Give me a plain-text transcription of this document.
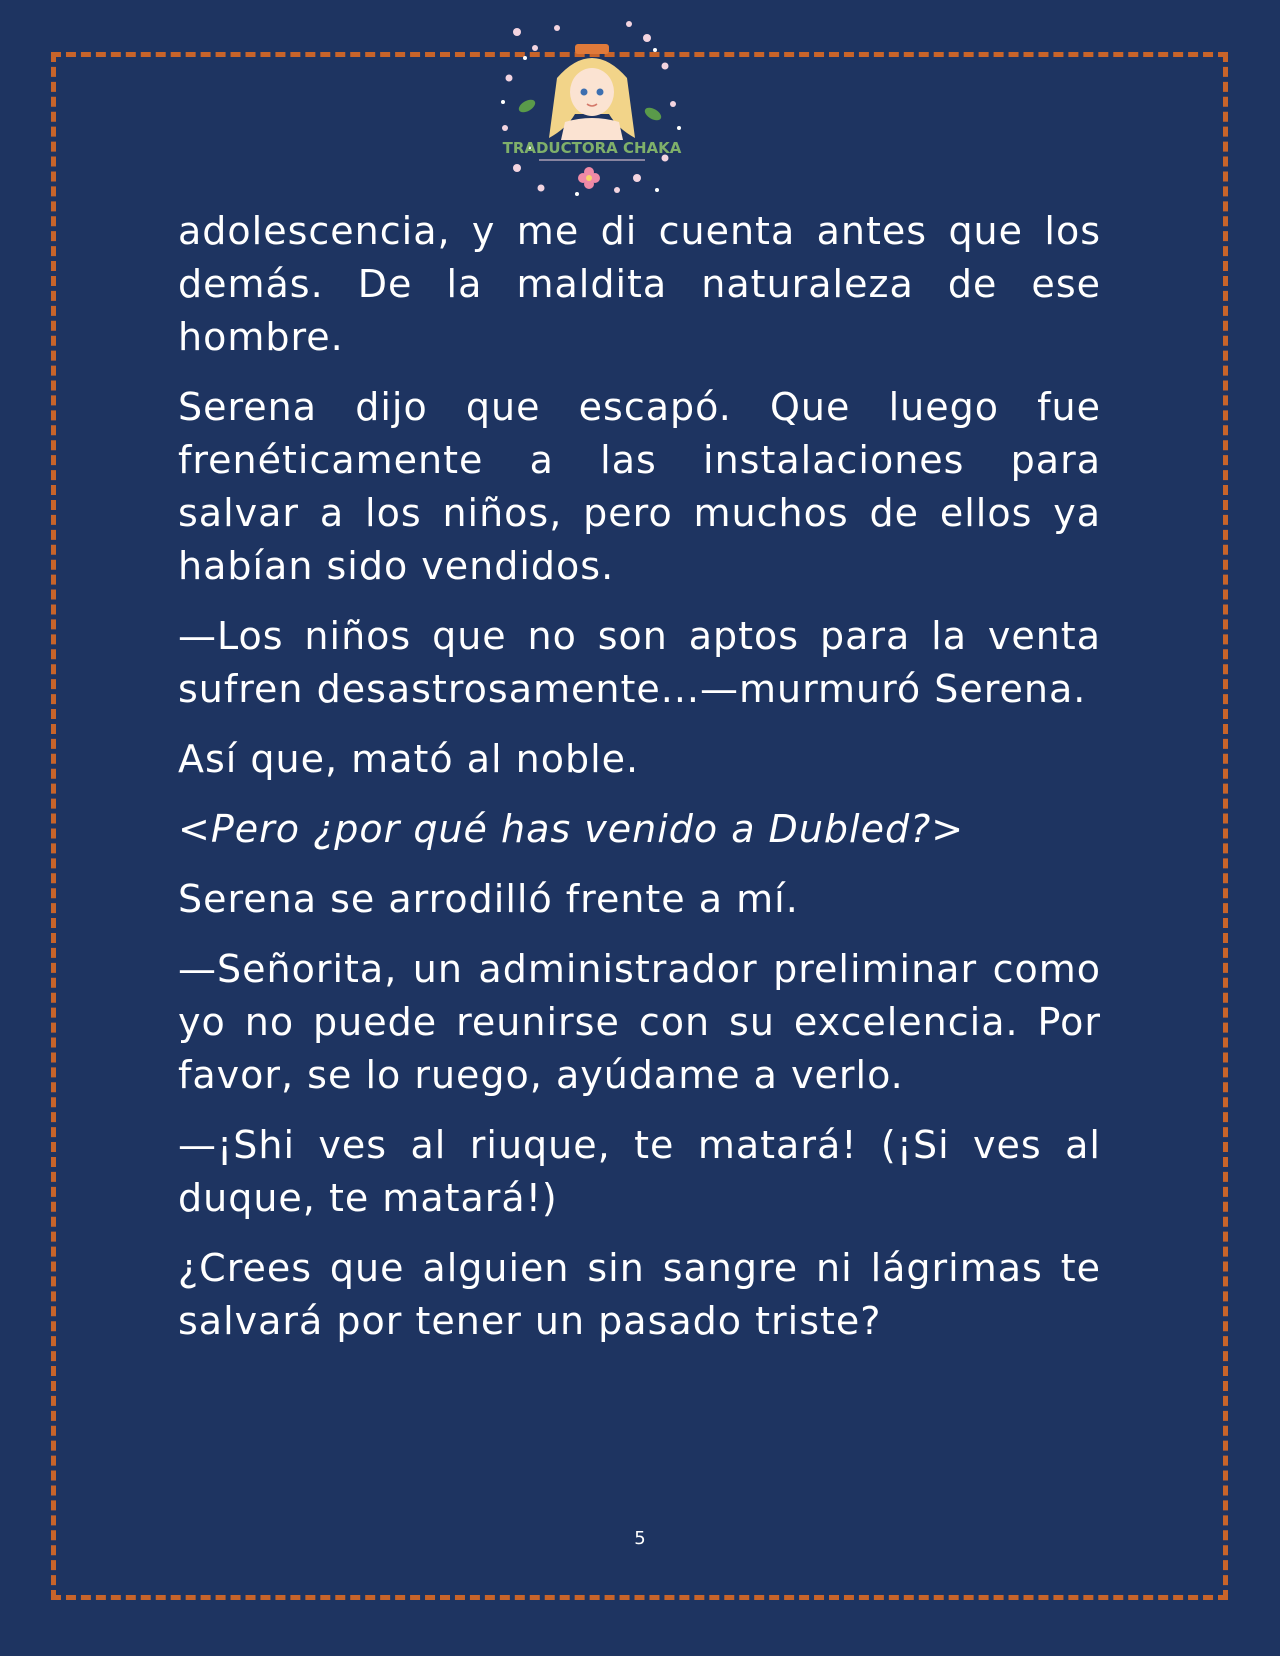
TRADUCTORA CHAKA

adolescencia, y me di cuenta antes que los demás. De la maldita naturaleza de ese hombre.

Serena dijo que escapó. Que luego fue frenéticamente a las instalaciones para salvar a los niños, pero muchos de ellos ya habían sido vendidos.

—Los niños que no son aptos para la venta sufren desastrosamente...—murmuró Serena.

Así que, mató al noble.

<Pero ¿por qué has venido a Dubled?>

Serena se arrodilló frente a mí.

—Señorita, un administrador preliminar como yo no puede reunirse con su excelencia. Por favor, se lo ruego, ayúdame a verlo.

—¡Shi ves al riuque, te matará! (¡Si ves al duque, te matará!)

¿Crees que alguien sin sangre ni lágrimas te salvará por tener un pasado triste?

5
